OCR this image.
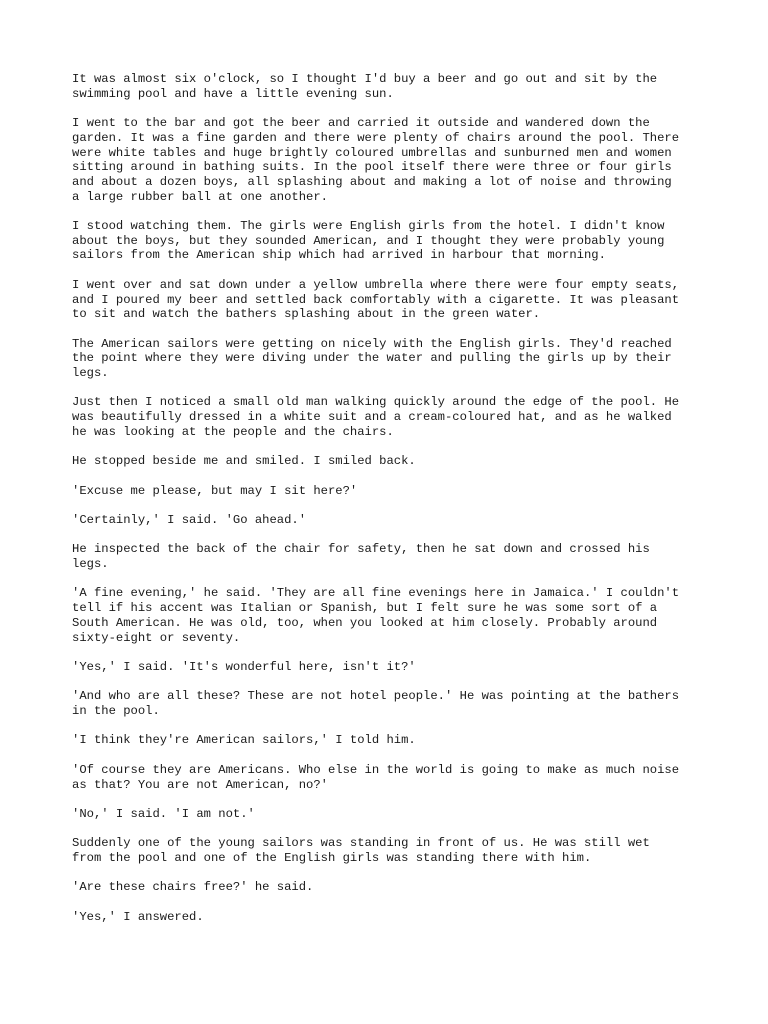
It was almost six o'clock, so I thought I'd buy a beer and go out and sit by the
swimming pool and have a little evening sun.

I went to the bar and got the beer and carried it outside and wandered down the
garden. It was a fine garden and there were plenty of chairs around the pool. There
were white tables and huge brightly coloured umbrellas and sunburned men and women
sitting around in bathing suits. In the pool itself there were three or four girls
and about a dozen boys, all splashing about and making a lot of noise and throwing
a large rubber ball at one another.

I stood watching them. The girls were English girls from the hotel. I didn't know
about the boys, but they sounded American, and I thought they were probably young
sailors from the American ship which had arrived in harbour that morning.

I went over and sat down under a yellow umbrella where there were four empty seats,
and I poured my beer and settled back comfortably with a cigarette. It was pleasant
to sit and watch the bathers splashing about in the green water.

The American sailors were getting on nicely with the English girls. They'd reached
the point where they were diving under the water and pulling the girls up by their
legs.

Just then I noticed a small old man walking quickly around the edge of the pool. He
was beautifully dressed in a white suit and a cream-coloured hat, and as he walked
he was looking at the people and the chairs.

He stopped beside me and smiled. I smiled back.

'Excuse me please, but may I sit here?'

'Certainly,' I said. 'Go ahead.'

He inspected the back of the chair for safety, then he sat down and crossed his
legs.

'A fine evening,' he said. 'They are all fine evenings here in Jamaica.' I couldn't
tell if his accent was Italian or Spanish, but I felt sure he was some sort of a
South American. He was old, too, when you looked at him closely. Probably around
sixty-eight or seventy.

'Yes,' I said. 'It's wonderful here, isn't it?'

'And who are all these? These are not hotel people.' He was pointing at the bathers
in the pool.

'I think they're American sailors,' I told him.

'Of course they are Americans. Who else in the world is going to make as much noise
as that? You are not American, no?'

'No,' I said. 'I am not.'

Suddenly one of the young sailors was standing in front of us. He was still wet
from the pool and one of the English girls was standing there with him.

'Are these chairs free?' he said.

'Yes,' I answered.
